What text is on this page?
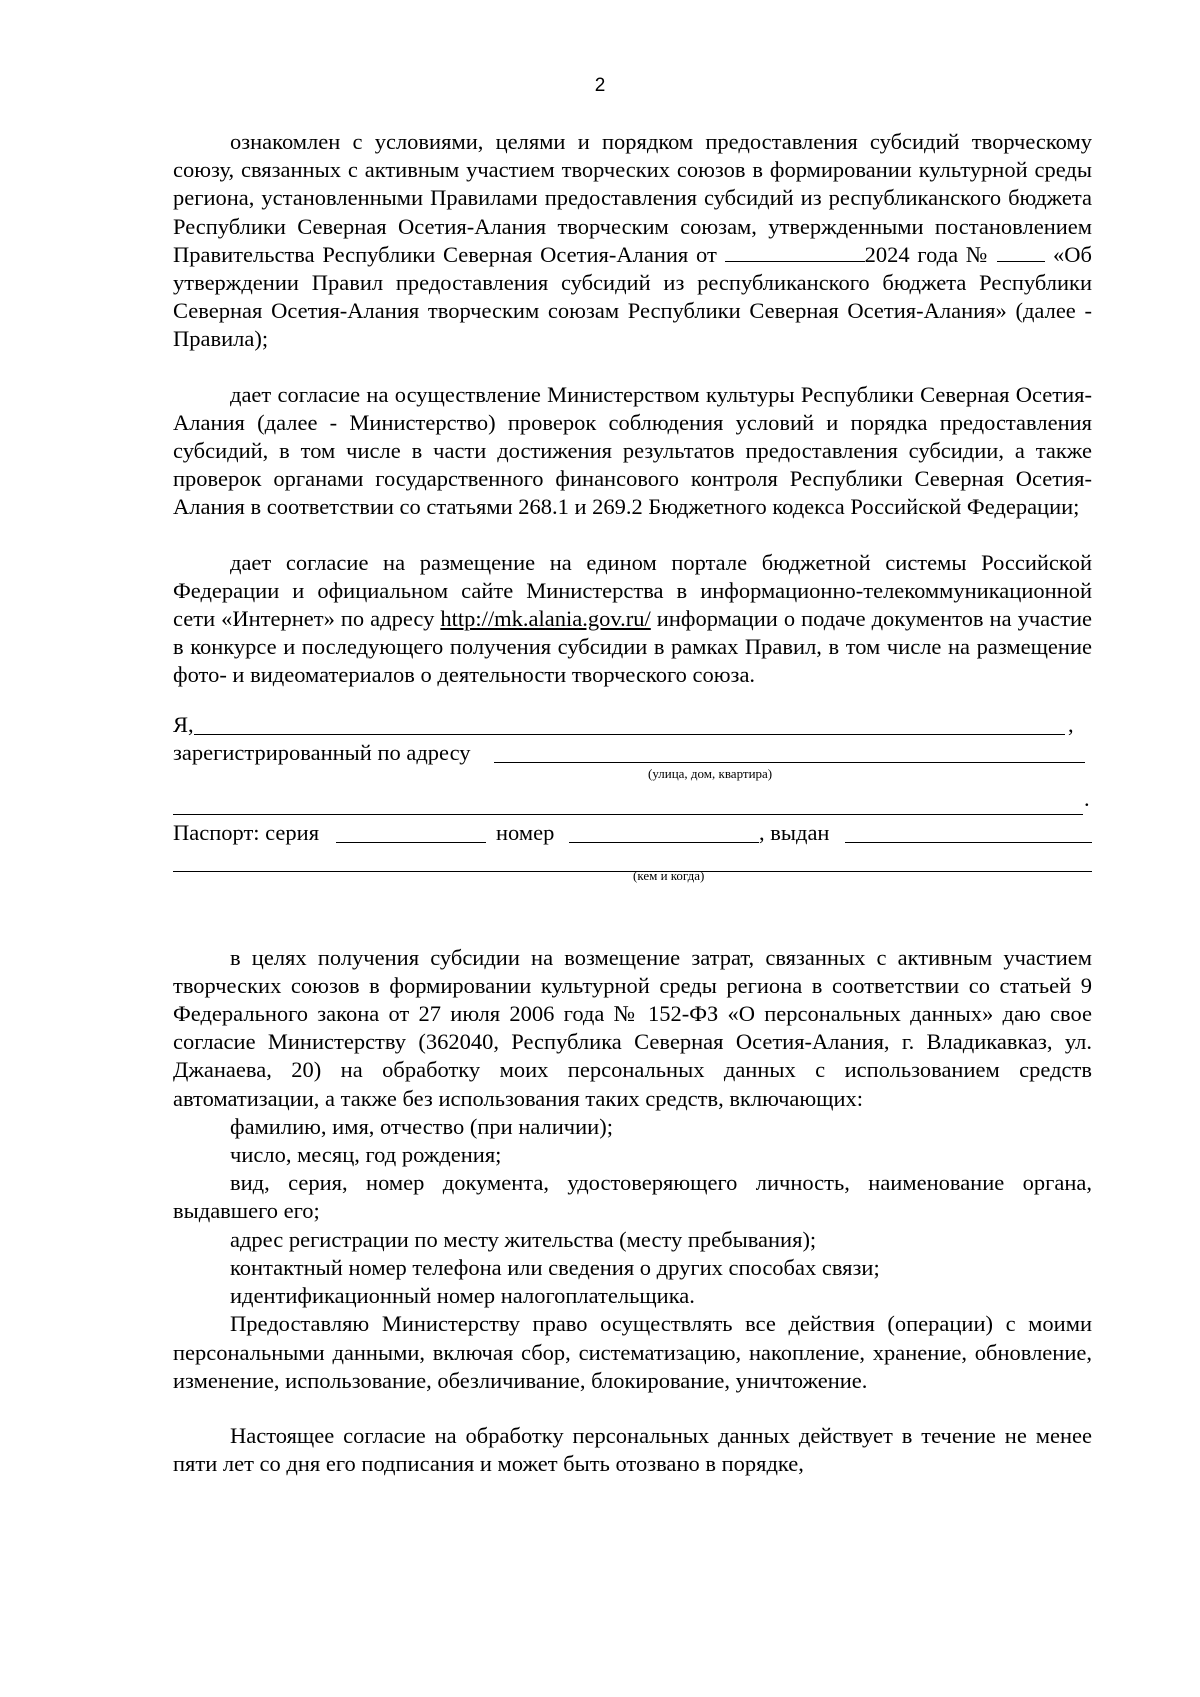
2

ознакомлен с условиями, целями и порядком предоставления субсидий творческому союзу, связанных с активным участием творческих союзов в формировании культурной среды региона, установленными Правилами предоставления субсидий из республиканского бюджета Республики Северная Осетия-Алания творческим союзам, утвержденными постановлением Правительства Республики Северная Осетия-Алания от	2024 года №  «Об утверждении Правил предоставления субсидий из республиканского бюджета Республики Северная Осетия-Алания творческим союзам Республики Северная Осетия-Алания» (далее - Правила);

дает согласие на осуществление Министерством культуры Республики Северная Осетия-Алания (далее - Министерство) проверок соблюдения условий и порядка предоставления субсидий, в том числе в части достижения результатов предоставления субсидии, а также проверок органами государственного финансового контроля Республики Северная Осетия-Алания в соответствии со статьями 268.1 и 269.2 Бюджетного кодекса Российской Федерации;

дает согласие на размещение на едином портале бюджетной системы Российской Федерации и официальном сайте Министерства в информационно-телекоммуникационной сети «Интернет» по адресу http://mk.alania.gov.ru/ информации о подаче документов на участие в конкурсе и последующего получения субсидии в рамках Правил, в том числе на размещение фото- и видеоматериалов о деятельности творческого союза.

Я,	,
зарегистрированный по адресу
(улица, дом, квартира)
.
Паспорт: серия	номер	, выдан
(кем и когда)

в целях получения субсидии на возмещение затрат, связанных с активным участием творческих союзов в формировании культурной среды региона в соответствии со статьей 9 Федерального закона от 27 июля 2006 года № 152-ФЗ «О персональных данных» даю свое согласие Министерству (362040, Республика Северная Осетия-Алания, г. Владикавказ, ул. Джанаева, 20) на обработку моих персональных данных с использованием средств автоматизации, а также без использования таких средств, включающих:

фамилию, имя, отчество (при наличии);

число, месяц, год рождения;

вид, серия, номер документа, удостоверяющего личность, наименование органа, выдавшего его;

адрес регистрации по месту жительства (месту пребывания);

контактный номер телефона или сведения о других способах связи;

идентификационный номер налогоплательщика.

Предоставляю Министерству право осуществлять все действия (операции) с моими персональными данными, включая сбор, систематизацию, накопление, хранение, обновление, изменение, использование, обезличивание, блокирование, уничтожение.

Настоящее согласие на обработку персональных данных действует в течение не менее пяти лет со дня его подписания и может быть отозвано в порядке,
